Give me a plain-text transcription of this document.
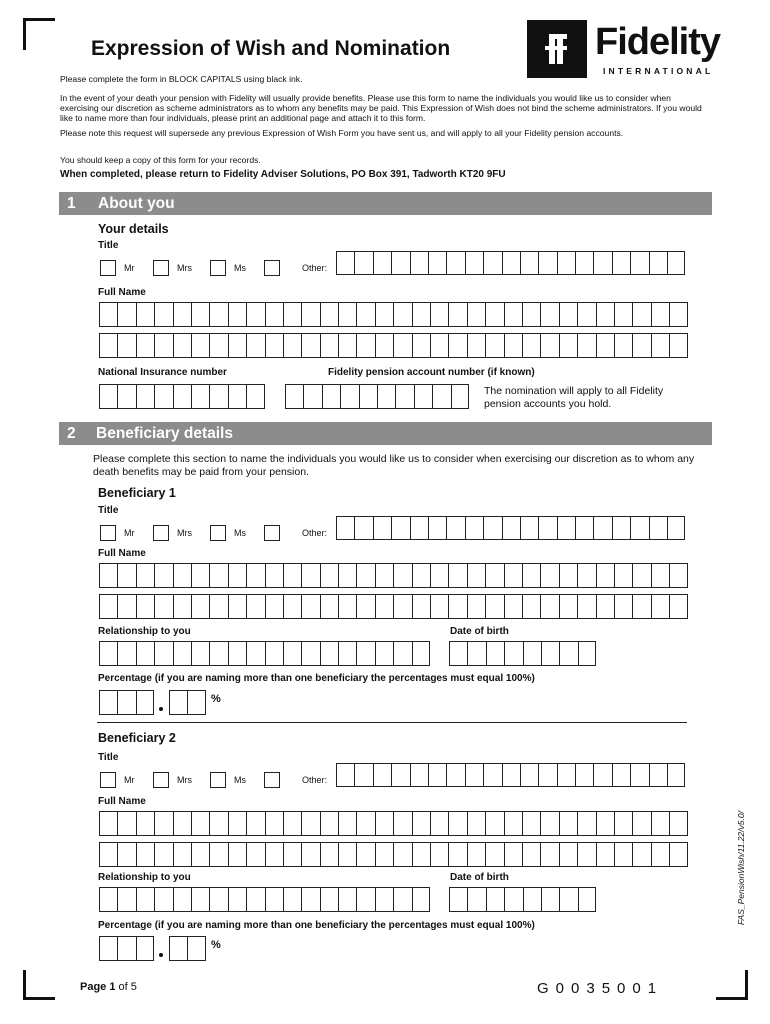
Expression of Wish and Nomination	Fidelity
INTERNATIONAL
Please complete the form in BLOCK CAPITALS using black ink.
In the event of your death your pension with Fidelity will usually provide benefits. Please use this form to name the individuals you would like us to consider when exercising our discretion as scheme administrators as to whom any benefits may be paid. This Expression of Wish does not bind the scheme administrators. If you would like to name more than four individuals, please print an additional page and attach it to this form.
Please note this request will supersede any previous Expression of Wish Form you have sent us, and will apply to all your Fidelity pension accounts.
You should keep a copy of this form for your records.
When completed, please return to Fidelity Adviser Solutions, PO Box 391, Tadworth KT20 9FU
1 About you
Your details
Title
Mr	Mrs	Ms	Other:
Full Name
National Insurance number	Fidelity pension account number (if known)
The nomination will apply to all Fidelity pension accounts you hold.
2 Beneficiary details
Please complete this section to name the individuals you would like us to consider when exercising our discretion as to whom any death benefits may be paid from your pension.
Beneficiary 1
Title
Mr	Mrs	Ms	Other:
Full Name
Relationship to you	Date of birth
Percentage (if you are naming more than one beneficiary the percentages must equal 100%)
%
Beneficiary 2
Title
Mr	Mrs	Ms	Other:
Full Name
Relationship to you	Date of birth
Percentage (if you are naming more than one beneficiary the percentages must equal 100%)
%
FAS_PensionWish/11.22/v5.0/
Page 1 of 5	G0035001
